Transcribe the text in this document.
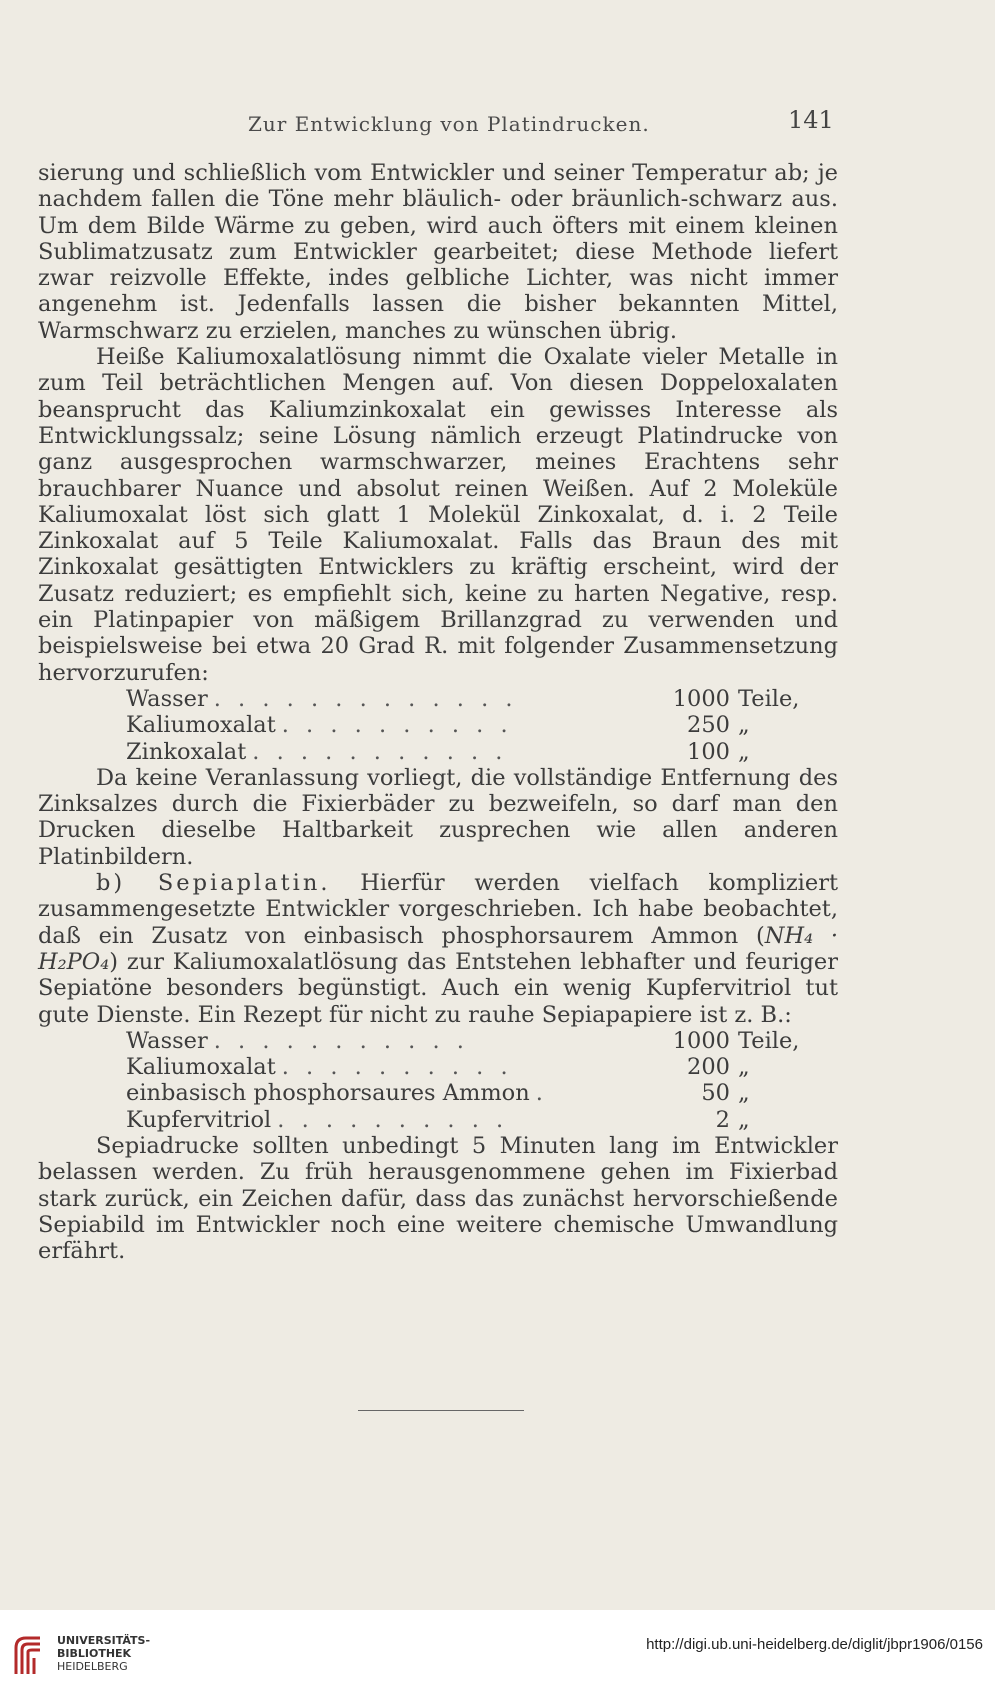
Zur Entwicklung von Platindrucken.	141

sierung und schließlich vom Entwickler und seiner Temperatur ab; je nachdem fallen die Töne mehr bläulich- oder bräunlich-schwarz aus. Um dem Bilde Wärme zu geben, wird auch öfters mit einem kleinen Sublimatzusatz zum Entwickler gearbeitet; diese Methode liefert zwar reizvolle Effekte, indes gelbliche Lichter, was nicht immer angenehm ist. Jedenfalls lassen die bisher bekannten Mittel, Warmschwarz zu erzielen, manches zu wünschen übrig.

Heiße Kaliumoxalatlösung nimmt die Oxalate vieler Metalle in zum Teil beträchtlichen Mengen auf. Von diesen Doppeloxalaten beansprucht das Kaliumzinkoxalat ein gewisses Interesse als Entwicklungssalz; seine Lösung nämlich erzeugt Platindrucke von ganz ausgesprochen warmschwarzer, meines Erachtens sehr brauchbarer Nuance und absolut reinen Weißen. Auf 2 Moleküle Kaliumoxalat löst sich glatt 1 Molekül Zinkoxalat, d. i. 2 Teile Zinkoxalat auf 5 Teile Kaliumoxalat. Falls das Braun des mit Zinkoxalat gesättigten Entwicklers zu kräftig erscheint, wird der Zusatz reduziert; es empfiehlt sich, keine zu harten Negative, resp. ein Platinpapier von mäßigem Brillanzgrad zu verwenden und beispielsweise bei etwa 20 Grad R. mit folgender Zusammensetzung hervorzurufen:

Wasser . . . . . . . . . . . . .	1000 Teile,
Kaliumoxalat . . . . . . . . . .	250 „
Zinkoxalat . . . . . . . . . . .	100 „

Da keine Veranlassung vorliegt, die vollständige Entfernung des Zinksalzes durch die Fixierbäder zu bezweifeln, so darf man den Drucken dieselbe Haltbarkeit zusprechen wie allen anderen Platinbildern.

b) Sepiaplatin. Hierfür werden vielfach kompliziert zusammengesetzte Entwickler vorgeschrieben. Ich habe beobachtet, daß ein Zusatz von einbasisch phosphorsaurem Ammon (NH₄ · H₂PO₄) zur Kaliumoxalatlösung das Entstehen lebhafter und feuriger Sepiatöne besonders begünstigt. Auch ein wenig Kupfervitriol tut gute Dienste. Ein Rezept für nicht zu rauhe Sepiapapiere ist z. B.:

Wasser . . . . . . . . . . .	1000 Teile,
Kaliumoxalat . . . . . . . . . .	200 „
einbasisch phosphorsaures Ammon .	50 „
Kupfervitriol . . . . . . . . . .	2 „

Sepiadrucke sollten unbedingt 5 Minuten lang im Entwickler belassen werden. Zu früh herausgenommene gehen im Fixierbad stark zurück, ein Zeichen dafür, dass das zunächst hervorschießende Sepiabild im Entwickler noch eine weitere chemische Umwandlung erfährt.

UNIVERSITÄTS-
BIBLIOTHEK
HEIDELBERG
http://digi.ub.uni-heidelberg.de/diglit/jbpr1906/0156
